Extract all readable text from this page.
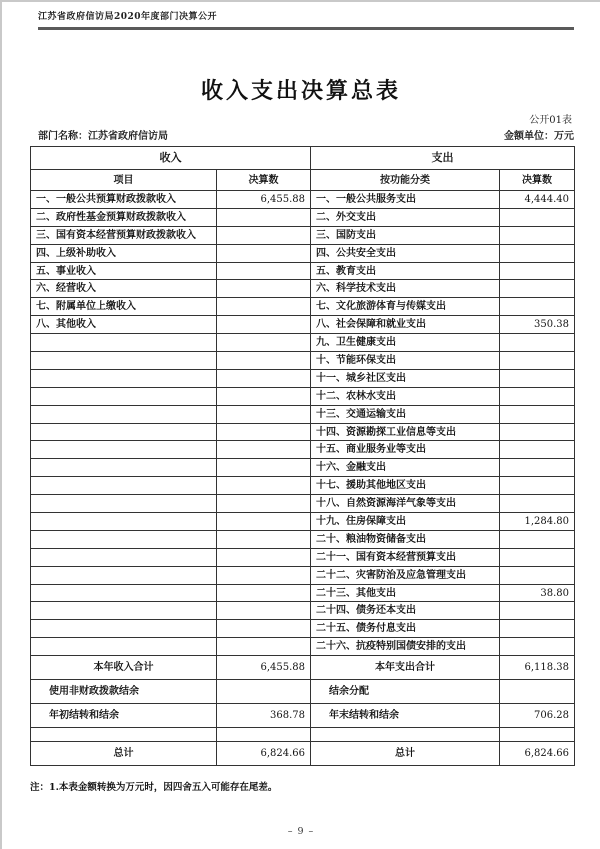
江苏省政府信访局2020年度部门决算公开
收入支出决算总表
公开01表
部门名称：江苏省政府信访局	金额单位：万元
收入		支出	
项目	决算数	按功能分类	决算数
一、一般公共预算财政拨款收入	6,455.88	一、一般公共服务支出	4,444.40
二、政府性基金预算财政拨款收入		二、外交支出	
三、国有资本经营预算财政拨款收入		三、国防支出	
四、上级补助收入		四、公共安全支出	
五、事业收入		五、教育支出	
六、经营收入		六、科学技术支出	
七、附属单位上缴收入		七、文化旅游体育与传媒支出	
八、其他收入		八、社会保障和就业支出	350.38
		九、卫生健康支出	
		十、节能环保支出	
		十一、城乡社区支出	
		十二、农林水支出	
		十三、交通运输支出	
		十四、资源勘探工业信息等支出	
		十五、商业服务业等支出	
		十六、金融支出	
		十七、援助其他地区支出	
		十八、自然资源海洋气象等支出	
		十九、住房保障支出	1,284.80
		二十、粮油物资储备支出	
		二十一、国有资本经营预算支出	
		二十二、灾害防治及应急管理支出	
		二十三、其他支出	38.80
		二十四、债务还本支出	
		二十五、债务付息支出	
		二十六、抗疫特别国债安排的支出	
本年收入合计	6,455.88	本年支出合计	6,118.38
使用非财政拨款结余		结余分配	
年初结转和结余	368.78	年末结转和结余	706.28

总计	6,824.66	总计	6,824.66
注：1.本表金额转换为万元时，因四舍五入可能存在尾差。
– 9 –
